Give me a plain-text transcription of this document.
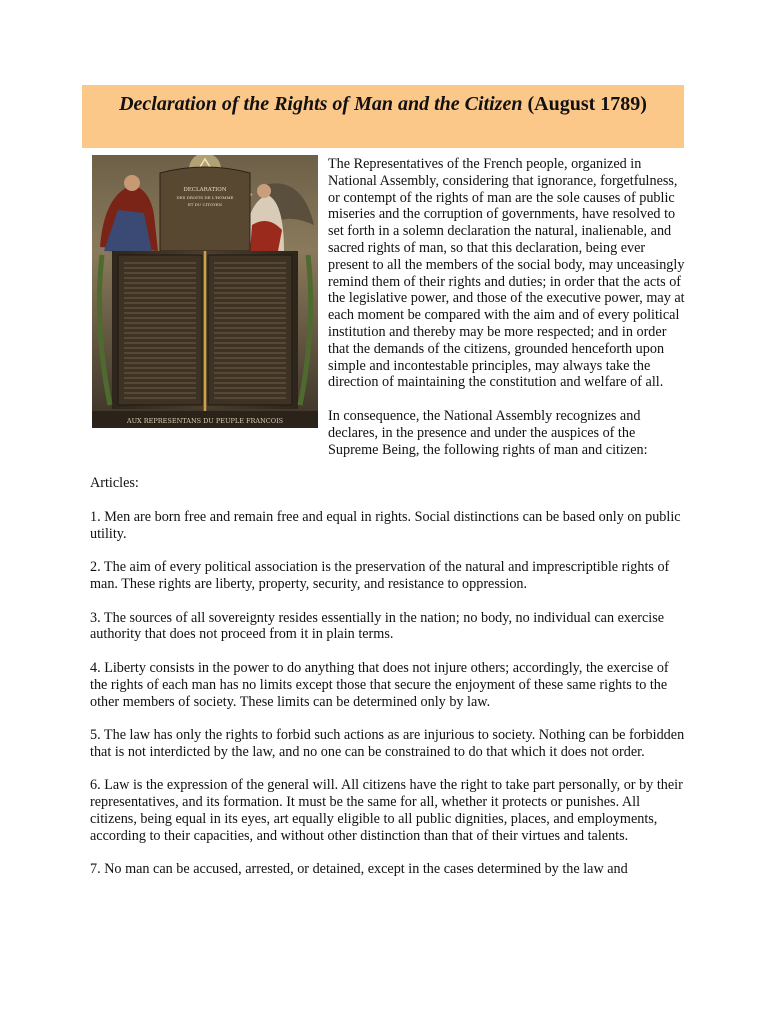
Declaration of the Rights of Man and the Citizen (August 1789)
DECLARATION
DES DROITS DE L'HOMME
ET DU CITOYEN
AUX REPRESENTANS DU PEUPLE FRANCOIS

The Representatives of the French people, organized in National Assembly, considering that ignorance, forgetfulness, or contempt of the rights of man are the sole causes of public miseries and the corruption of governments, have resolved to set forth in a solemn declaration the natural, inalienable, and sacred rights of man, so that this declaration, being ever present to all the members of the social body, may unceasingly remind them of their rights and duties; in order that the acts of the legislative power, and those of the executive power, may at each moment be compared with the aim and of every political institution and thereby may be more respected; and in order that the demands of the citizens, grounded henceforth upon simple and incontestable principles, may always take the direction of maintaining the constitution and welfare of all.

In consequence, the National Assembly recognizes and declares, in the presence and under the auspices of the Supreme Being, the following rights of man and citizen:

Articles:

1. Men are born free and remain free and equal in rights. Social distinctions can be based only on public utility.

2. The aim of every political association is the preservation of the natural and imprescriptible rights of man. These rights are liberty, property, security, and resistance to oppression.

3. The sources of all sovereignty resides essentially in the nation; no body, no individual can exercise authority that does not proceed from it in plain terms.

4. Liberty consists in the power to do anything that does not injure others; accordingly, the exercise of the rights of each man has no limits except those that secure the enjoyment of these same rights to the other members of society. These limits can be determined only by law.

5. The law has only the rights to forbid such actions as are injurious to society. Nothing can be forbidden that is not interdicted by the law, and no one can be constrained to do that which it does not order.

6. Law is the expression of the general will. All citizens have the right to take part personally, or by their representatives, and its formation. It must be the same for all, whether it protects or punishes. All citizens, being equal in its eyes, art equally eligible to all public dignities, places, and employments, according to their capacities, and without other distinction than that of their virtues and talents.

7. No man can be accused, arrested, or detained, except in the cases determined by the law and
